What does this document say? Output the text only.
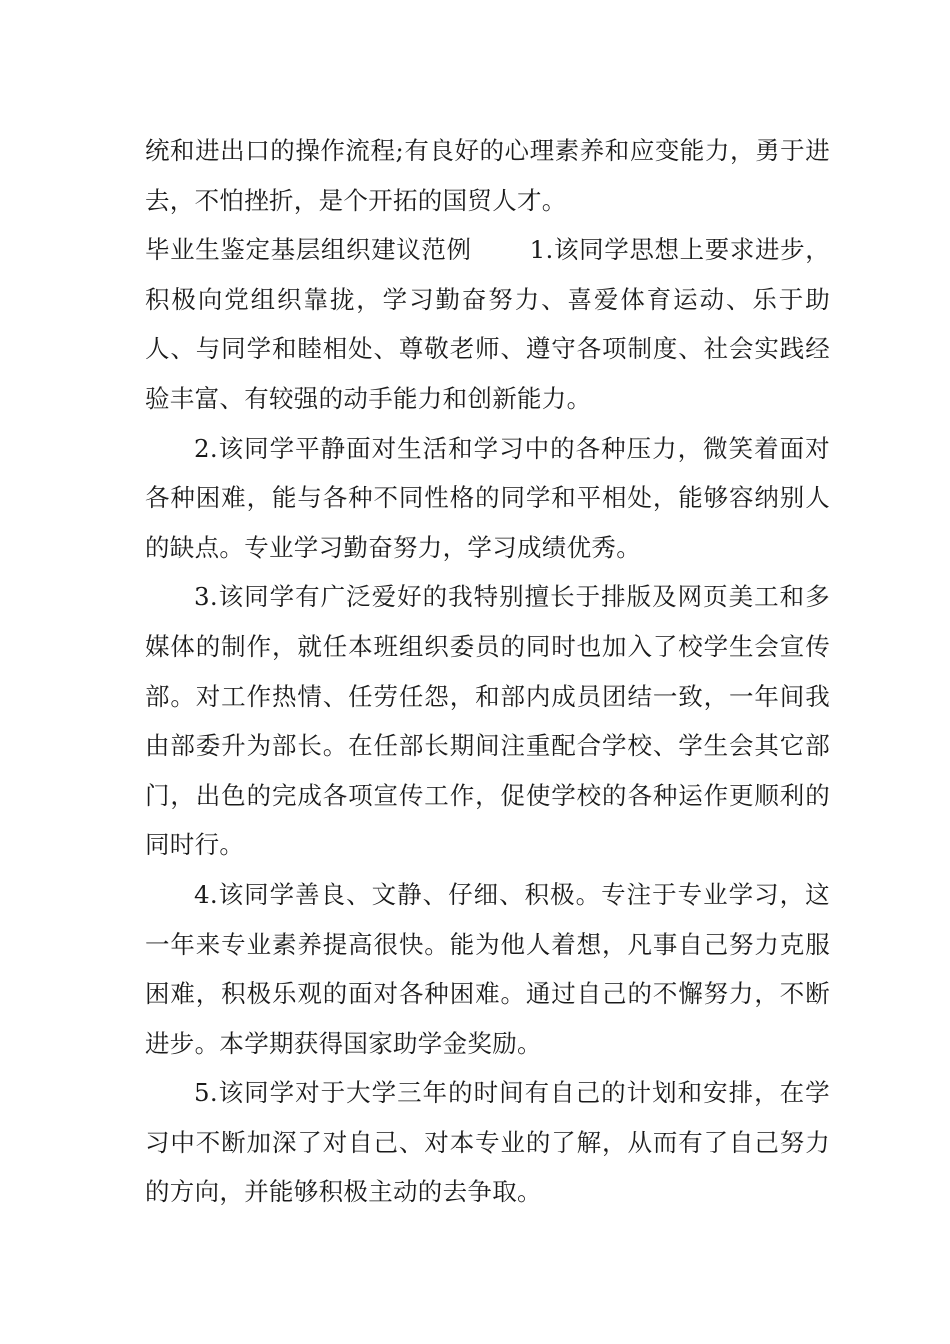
统和进出口的操作流程;有良好的心理素养和应变能力，勇于进去，不怕挫折，是个开拓的国贸人才。

毕业生鉴定基层组织建议范例 1.该同学思想上要求进步，积极向党组织靠拢，学习勤奋努力、喜爱体育运动、乐于助人、与同学和睦相处、尊敬老师、遵守各项制度、社会实践经验丰富、有较强的动手能力和创新能力。

2.该同学平静面对生活和学习中的各种压力，微笑着面对各种困难，能与各种不同性格的同学和平相处，能够容纳别人的缺点。专业学习勤奋努力，学习成绩优秀。

3.该同学有广泛爱好的我特别擅长于排版及网页美工和多媒体的制作，就任本班组织委员的同时也加入了校学生会宣传部。对工作热情、任劳任怨，和部内成员团结一致，一年间我由部委升为部长。在任部长期间注重配合学校、学生会其它部门，出色的完成各项宣传工作，促使学校的各种运作更顺利的同时行。

4.该同学善良、文静、仔细、积极。专注于专业学习，这一年来专业素养提高很快。能为他人着想，凡事自己努力克服困难，积极乐观的面对各种困难。通过自己的不懈努力，不断进步。本学期获得国家助学金奖励。

5.该同学对于大学三年的时间有自己的计划和安排，在学习中不断加深了对自己、对本专业的了解，从而有了自己努力的方向，并能够积极主动的去争取。
